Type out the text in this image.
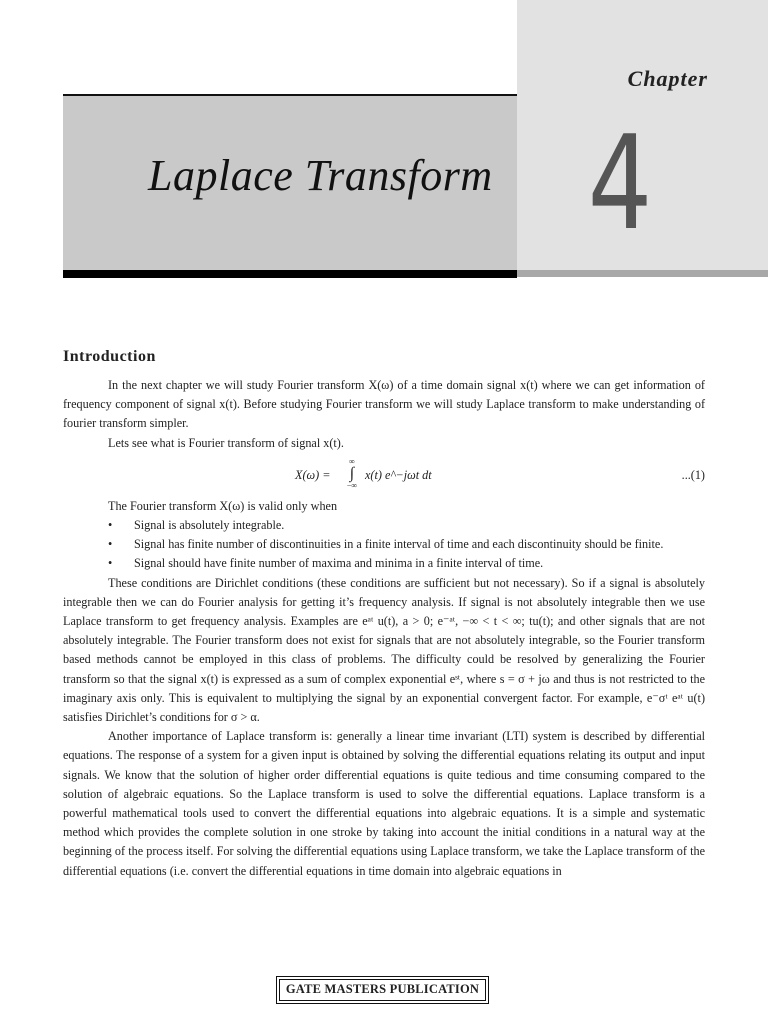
Chapter
4
Laplace Transform
Introduction

In the next chapter we will study Fourier transform X(ω) of a time domain signal x(t) where we can get information of frequency component of signal x(t). Before studying Fourier transform we will study Laplace transform to make understanding of fourier transform simpler.

Lets see what is Fourier transform of signal x(t).

X(ω) =
∞
∫
−∞
x(t) e^−jωt dt	...(1)

The Fourier transform X(ω) is valid only when

• Signal is absolutely integrable.
• Signal has finite number of discontinuities in a finite interval of time and each discontinuity should be finite.
• Signal should have finite number of maxima and minima in a finite interval of time.

These conditions are Dirichlet conditions (these conditions are sufficient but not necessary). So if a signal is absolutely integrable then we can do Fourier analysis for getting it’s frequency analysis. If signal is not absolutely integrable then we use Laplace transform to get frequency analysis. Examples are eᵃᵗ u(t), a > 0; e⁻ᵃᵗ, −∞ < t < ∞; tu(t); and other signals that are not absolutely integrable. The Fourier transform does not exist for signals that are not absolutely integrable, so the Fourier transform based methods cannot be employed in this class of problems. The difficulty could be resolved by generalizing the Fourier transform so that the signal x(t) is expressed as a sum of complex exponential eˢᵗ, where s = σ + jω and thus is not restricted to the imaginary axis only. This is equivalent to multiplying the signal by an exponential convergent factor. For example, e⁻σᵗ eᵃᵗ u(t) satisfies Dirichlet’s conditions for σ > α.

Another importance of Laplace transform is: generally a linear time invariant (LTI) system is described by differential equations. The response of a system for a given input is obtained by solving the differential equations relating its output and input signals. We know that the solution of higher order differential equations is quite tedious and time consuming compared to the solution of algebraic equations. So the Laplace transform is used to solve the differential equations. Laplace transform is a powerful mathematical tools used to convert the differential equations into algebraic equations. It is a simple and systematic method which provides the complete solution in one stroke by taking into account the initial conditions in a natural way at the beginning of the process itself. For solving the differential equations using Laplace transform, we take the Laplace transform of the differential equations (i.e. convert the differential equations in time domain into algebraic equations in

GATE MASTERS PUBLICATION
